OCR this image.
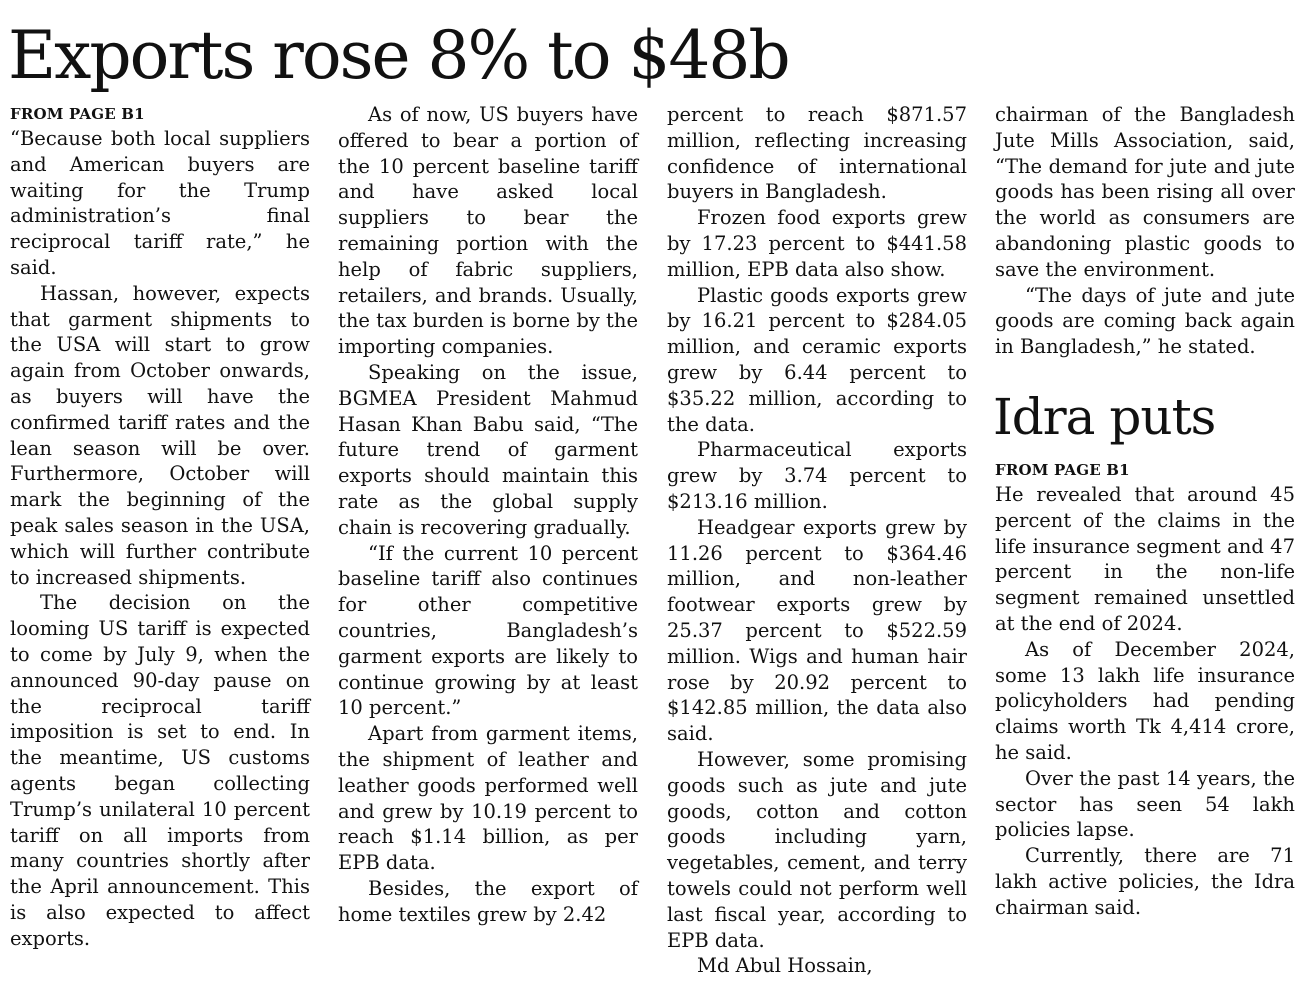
Exports rose 8% to $48b
FROM PAGE B1

“Because both local suppliers and American buyers are waiting for the Trump administration’s final reciprocal tariff rate,” he said.

Hassan, however, expects that garment shipments to the USA will start to grow again from October onwards, as buyers will have the confirmed tariff rates and the lean season will be over. Furthermore, October will mark the beginning of the peak sales season in the USA, which will further contribute to increased shipments.

The decision on the looming US tariff is expected to come by July 9, when the announced 90-day pause on the reciprocal tariff imposition is set to end. In the meantime, US customs agents began collecting Trump’s unilateral 10 percent tariff on all imports from many countries shortly after the April announcement. This is also expected to affect exports.

As of now, US buyers have offered to bear a portion of the 10 percent baseline tariff and have asked local suppliers to bear the remaining portion with the help of fabric suppliers, retailers, and brands. Usually, the tax burden is borne by the importing companies.

Speaking on the issue, BGMEA President Mahmud Hasan Khan Babu said, “The future trend of garment exports should maintain this rate as the global supply chain is recovering gradually.

“If the current 10 percent baseline tariff also continues for other competitive countries, Bangladesh’s garment exports are likely to continue growing by at least 10 percent.”

Apart from garment items, the shipment of leather and leather goods performed well and grew by 10.19 percent to reach $1.14 billion, as per EPB data.

Besides, the export of home textiles grew by 2.42

percent to reach $871.57 million, reflecting increasing confidence of international buyers in Bangladesh.

Frozen food exports grew by 17.23 percent to $441.58 million, EPB data also show.

Plastic goods exports grew by 16.21 percent to $284.05 million, and ceramic exports grew by 6.44 percent to $35.22 million, according to the data.

Pharmaceutical exports grew by 3.74 percent to $213.16 million.

Headgear exports grew by 11.26 percent to $364.46 million, and non-leather footwear exports grew by 25.37 percent to $522.59 million. Wigs and human hair rose by 20.92 percent to $142.85 million, the data also said.

However, some promising goods such as jute and jute goods, cotton and cotton goods including yarn, vegetables, cement, and terry towels could not perform well last fiscal year, according to EPB data.

Md Abul Hossain,

chairman of the Bangladesh Jute Mills Association, said, “The demand for jute and jute goods has been rising all over the world as consumers are abandoning plastic goods to save the environment.

“The days of jute and jute goods are coming back again in Bangladesh,” he stated.

Idra puts
FROM PAGE B1

He revealed that around 45 percent of the claims in the life insurance segment and 47 percent in the non-life segment remained unsettled at the end of 2024.

As of December 2024, some 13 lakh life insurance policyholders had pending claims worth Tk 4,414 crore, he said.

Over the past 14 years, the sector has seen 54 lakh policies lapse.

Currently, there are 71 lakh active policies, the Idra chairman said.
